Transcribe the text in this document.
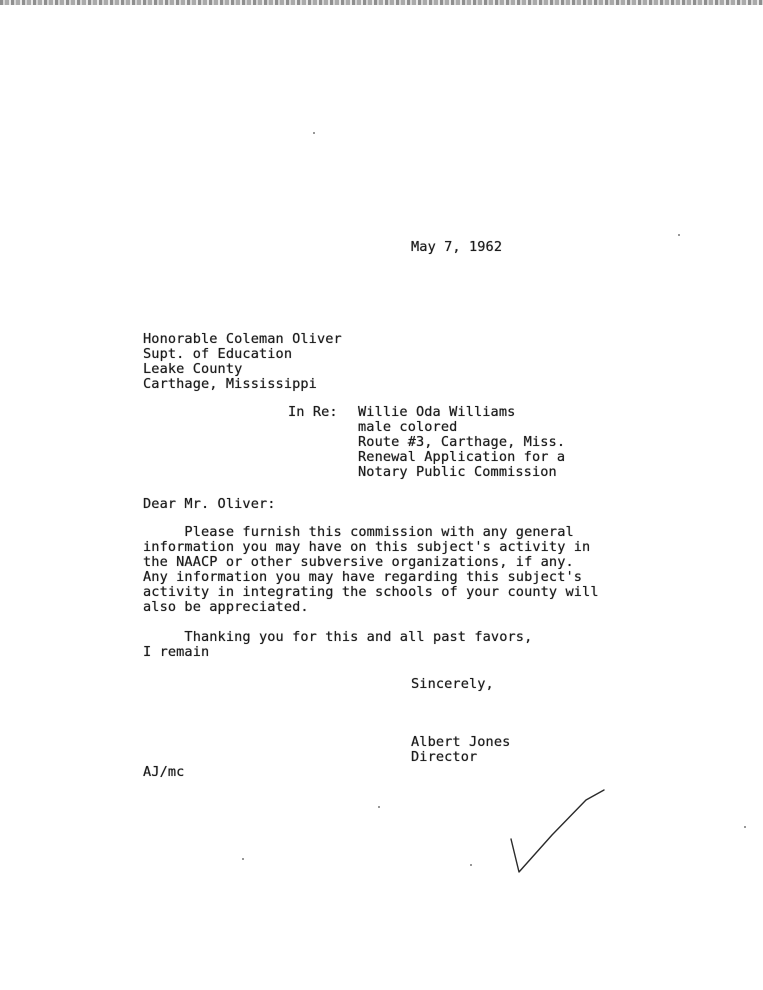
May 7, 1962
Honorable Coleman Oliver
Supt. of Education
Leake County
Carthage, Mississippi
In Re: Willie Oda Williams
male colored
Route #3, Carthage, Miss.
Renewal Application for a
Notary Public Commission
Dear Mr. Oliver:
Please furnish this commission with any general
information you may have on this subject's activity in
the NAACP or other subversive organizations, if any.
Any information you may have regarding this subject's
activity in integrating the schools of your county will
also be appreciated.
Thanking you for this and all past favors,
I remain
Sincerely,
Albert Jones
Director
AJ/mc
